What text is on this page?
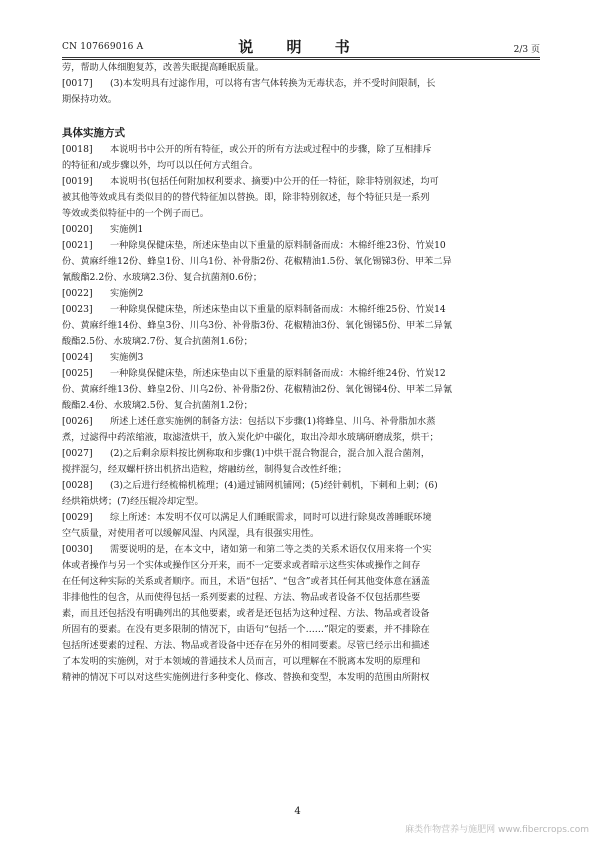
CN 107669016 A	说 明 书	2/3 页
劳，帮助人体细胞复苏，改善失眠提高睡眠质量。
[0017] (3)本发明具有过滤作用，可以将有害气体转换为无毒状态，并不受时间限制，长
期保持功效。
具体实施方式
[0018] 本说明书中公开的所有特征，或公开的所有方法或过程中的步骤，除了互相排斥
的特征和/或步骤以外，均可以以任何方式组合。
[0019] 本说明书(包括任何附加权利要求、摘要)中公开的任一特征，除非特别叙述，均可
被其他等效或具有类似目的的替代特征加以替换。即，除非特别叙述，每个特征只是一系列
等效或类似特征中的一个例子而已。
[0020] 实施例1
[0021] 一种除臭保健床垫，所述床垫由以下重量的原料制备而成：木棉纤维23份、竹炭10
份、黄麻纤维12份、蜂皇1份、川乌1份、补骨脂2份、花椒精油1.5份、氧化锡锑3份、甲苯二异
氰酸酯2.2份、水玻璃2.3份、复合抗菌剂0.6份；
[0022] 实施例2
[0023] 一种除臭保健床垫，所述床垫由以下重量的原料制备而成：木棉纤维25份、竹炭14
份、黄麻纤维14份、蜂皇3份、川乌3份、补骨脂3份、花椒精油3份、氧化锡锑5份、甲苯二异氰
酸酯2.5份、水玻璃2.7份、复合抗菌剂1.6份；
[0024] 实施例3
[0025] 一种除臭保健床垫，所述床垫由以下重量的原料制备而成：木棉纤维24份、竹炭12
份、黄麻纤维13份、蜂皇2份、川乌2份、补骨脂2份、花椒精油2份、氧化锡锑4份、甲苯二异氰
酸酯2.4份、水玻璃2.5份、复合抗菌剂1.2份；
[0026] 所述上述任意实施例的制备方法：包括以下步骤(1)将蜂皇、川乌、补骨脂加水蒸
煮，过滤得中药浓缩液，取滤渣烘干，放入炭化炉中碳化，取出冷却水玻璃研磨成浆，烘干；
[0027] (2)之后剩余原料按比例称取和步骤(1)中烘干混合物混合，混合加入混合菌剂，
搅拌混匀，经双螺杆挤出机挤出造粒，熔融纺丝，制得复合改性纤维；
[0028] (3)之后进行经梳棉机梳理；(4)通过铺网机铺网；(5)经针刺机，下刺和上刺；(6)
经烘箱烘烤；(7)经压辊冷却定型。
[0029] 综上所述：本发明不仅可以满足人们睡眠需求，同时可以进行除臭改善睡眠环境
空气质量，对使用者可以缓解风湿、内风湿，具有很强实用性。
[0030] 需要说明的是，在本文中，诸如第一和第二等之类的关系术语仅仅用来将一个实
体或者操作与另一个实体或操作区分开来，而不一定要求或者暗示这些实体或操作之间存
在任何这种实际的关系或者顺序。而且，术语“包括”、“包含”或者其任何其他变体意在涵盖
非排他性的包含，从而使得包括一系列要素的过程、方法、物品或者设备不仅包括那些要
素，而且还包括没有明确列出的其他要素，或者是还包括为这种过程、方法、物品或者设备
所固有的要素。在没有更多限制的情况下，由语句“包括一个……”限定的要素，并不排除在
包括所述要素的过程、方法、物品或者设备中还存在另外的相同要素。尽管已经示出和描述
了本发明的实施例，对于本领域的普通技术人员而言，可以理解在不脱离本发明的原理和
精神的情况下可以对这些实施例进行多种变化、修改、替换和变型，本发明的范围由所附权
4
麻类作物营养与施肥网 www.fibercrops.com
